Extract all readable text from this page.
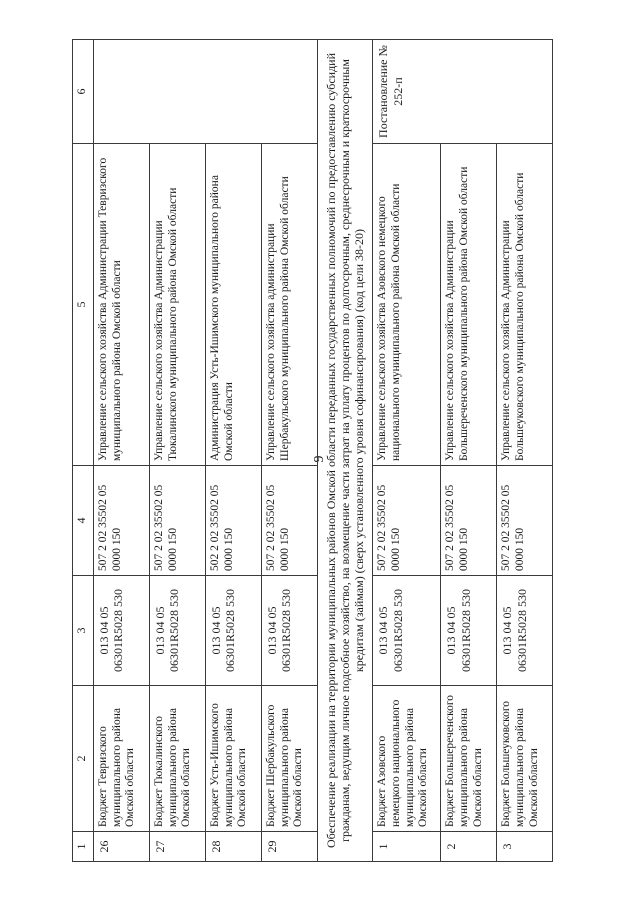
9
1	2	3	4	5	6
26	Бюджет Тевризского муниципального района Омской области	013 04 05 06301R5028 530	507 2 02 35502 05 0000 150	Управление сельского хозяйства Администрации Тевризского муниципального района Омской области	
27	Бюджет Тюкалинского муниципального района Омской области	013 04 05 06301R5028 530	507 2 02 35502 05 0000 150	Управление сельского хозяйства Администрации Тюкалинского муниципального района Омской области	
28	Бюджет Усть-Ишимского муниципального района Омской области	013 04 05 06301R5028 530	502 2 02 35502 05 0000 150	Администрация Усть-Ишимского муниципального района Омской области	
29	Бюджет Шербакульского муниципального района Омской области	013 04 05 06301R5028 530	507 2 02 35502 05 0000 150	Управление сельского хозяйства администрации Шербакульского муниципального района Омской области	
Обеспечение реализации на территории муниципальных районов Омской области переданных государственных полномочий по предоставлению субсидий гражданам, ведущим личное подсобное хозяйство, на возмещение части затрат на уплату процентов по долгосрочным, среднесрочным и краткосрочным кредитам (займам) (сверх установленного уровня софинансирования) (код цели 38-20)					
1	Бюджет Азовского немецкого национального муниципального района Омской области	013 04 05 06301R5028 530	507 2 02 35502 05 0000 150	Управление сельского хозяйства Азовского немецкого национального муниципального района Омской области	Постановление № 252-п
2	Бюджет Большереченского муниципального района Омской области	013 04 05 06301R5028 530	507 2 02 35502 05 0000 150	Управление сельского хозяйства Администрации Большереченского муниципального района Омской области	
3	Бюджет Большеуковского муниципального района Омской области	013 04 05 06301R5028 530	507 2 02 35502 05 0000 150	Управление сельского хозяйства Администрации Большеуковского муниципального района Омской области	
